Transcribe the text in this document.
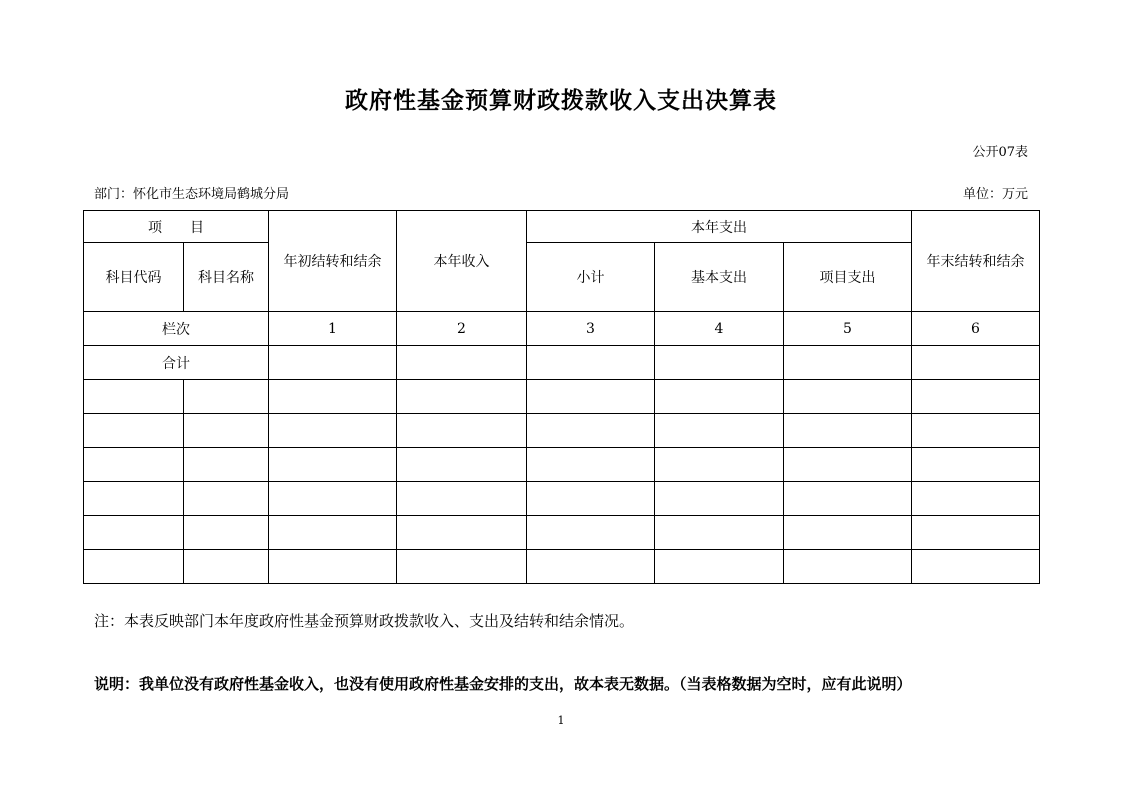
政府性基金预算财政拨款收入支出决算表
公开07表
部门：怀化市生态环境局鹤城分局	单位：万元
项　　目		年初结转和结余	本年收入	本年支出			年末结转和结余
科目代码	科目名称			小计	基本支出	项目支出	
栏次		1	2	3	4	5	6
合计							

注：本表反映部门本年度政府性基金预算财政拨款收入、支出及结转和结余情况。
说明：我单位没有政府性基金收入，也没有使用政府性基金安排的支出，故本表无数据。（当表格数据为空时，应有此说明）
1
